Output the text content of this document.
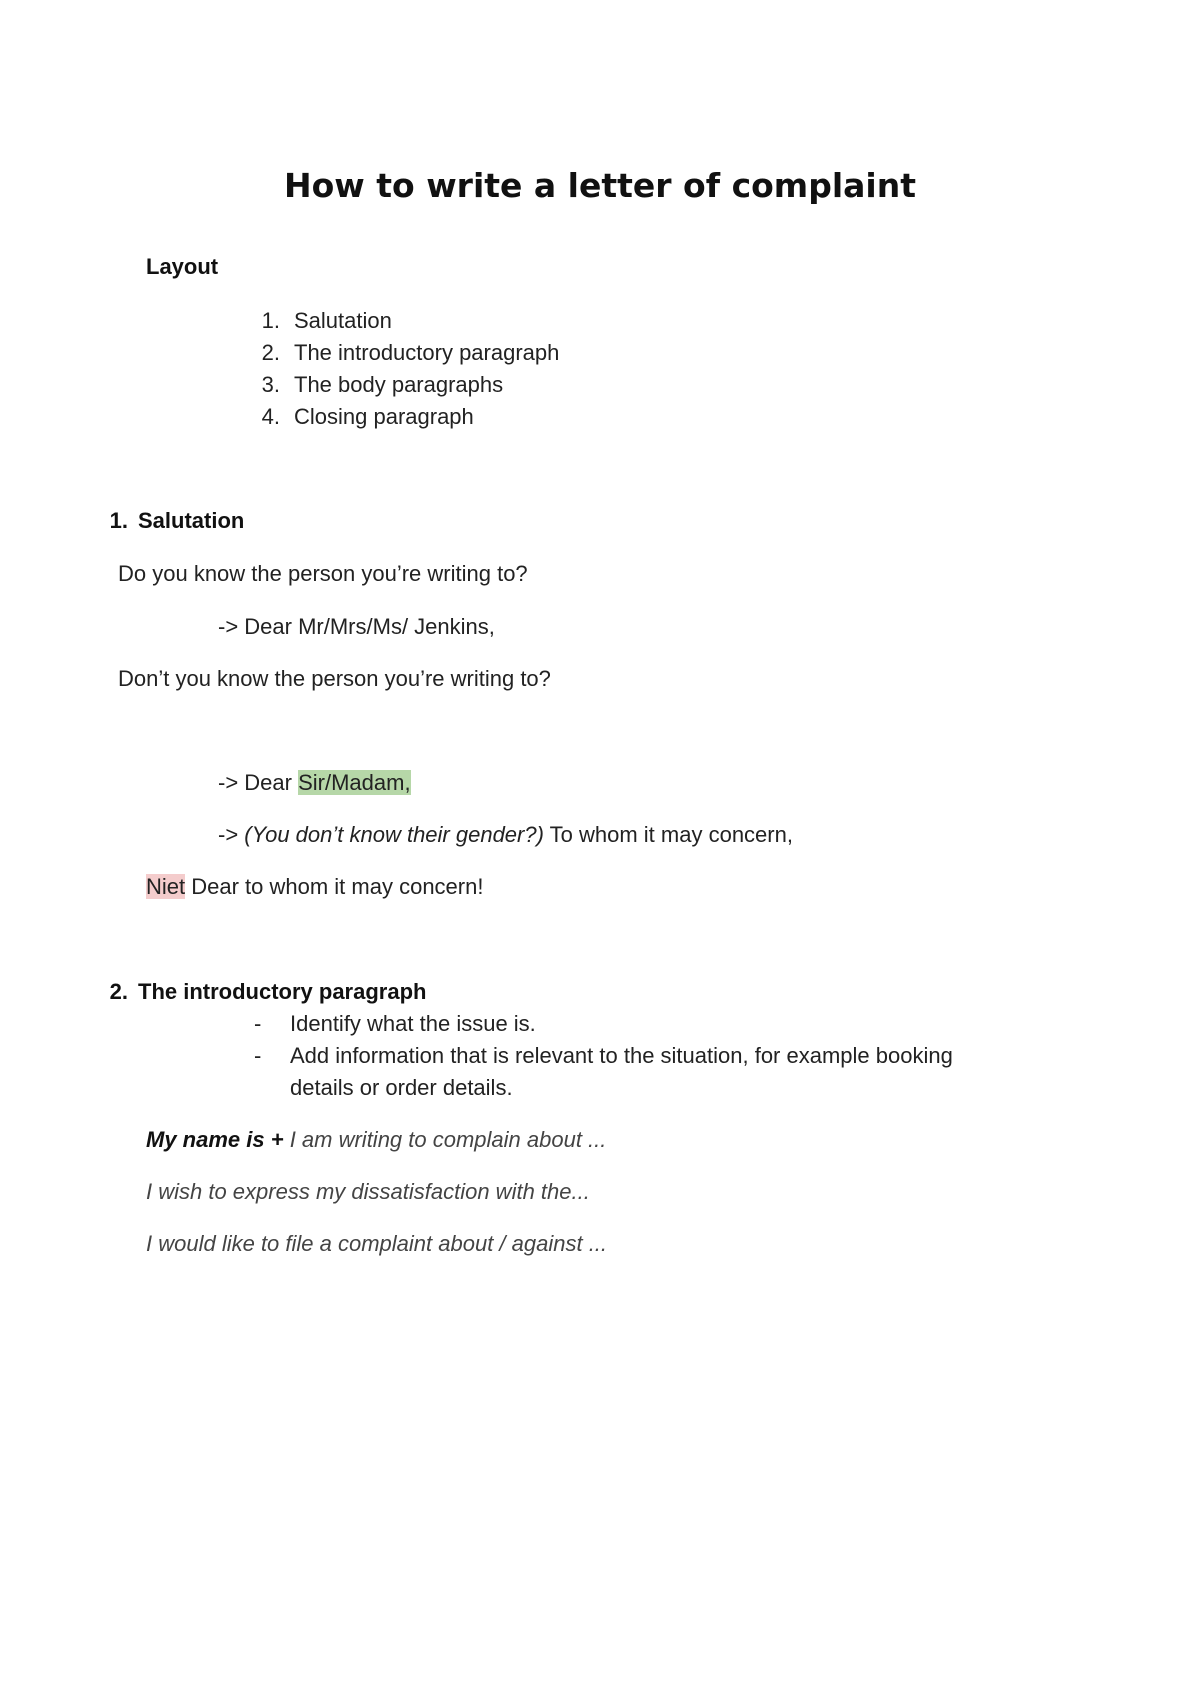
How to write a letter of complaint
Layout
1. Salutation
2. The introductory paragraph
3. The body paragraphs
4. Closing paragraph
1. Salutation
Do you know the person you’re writing to?
-> Dear Mr/Mrs/Ms/ Jenkins,
Don’t you know the person you’re writing to?
-> Dear Sir/Madam,
-> (You don’t know their gender?) To whom it may concern,
Niet Dear to whom it may concern!
2. The introductory paragraph
- Identify what the issue is.
- Add information that is relevant to the situation, for example booking
details or order details.
My name is + I am writing to complain about ...
I wish to express my dissatisfaction with the...
I would like to file a complaint about / against ...
